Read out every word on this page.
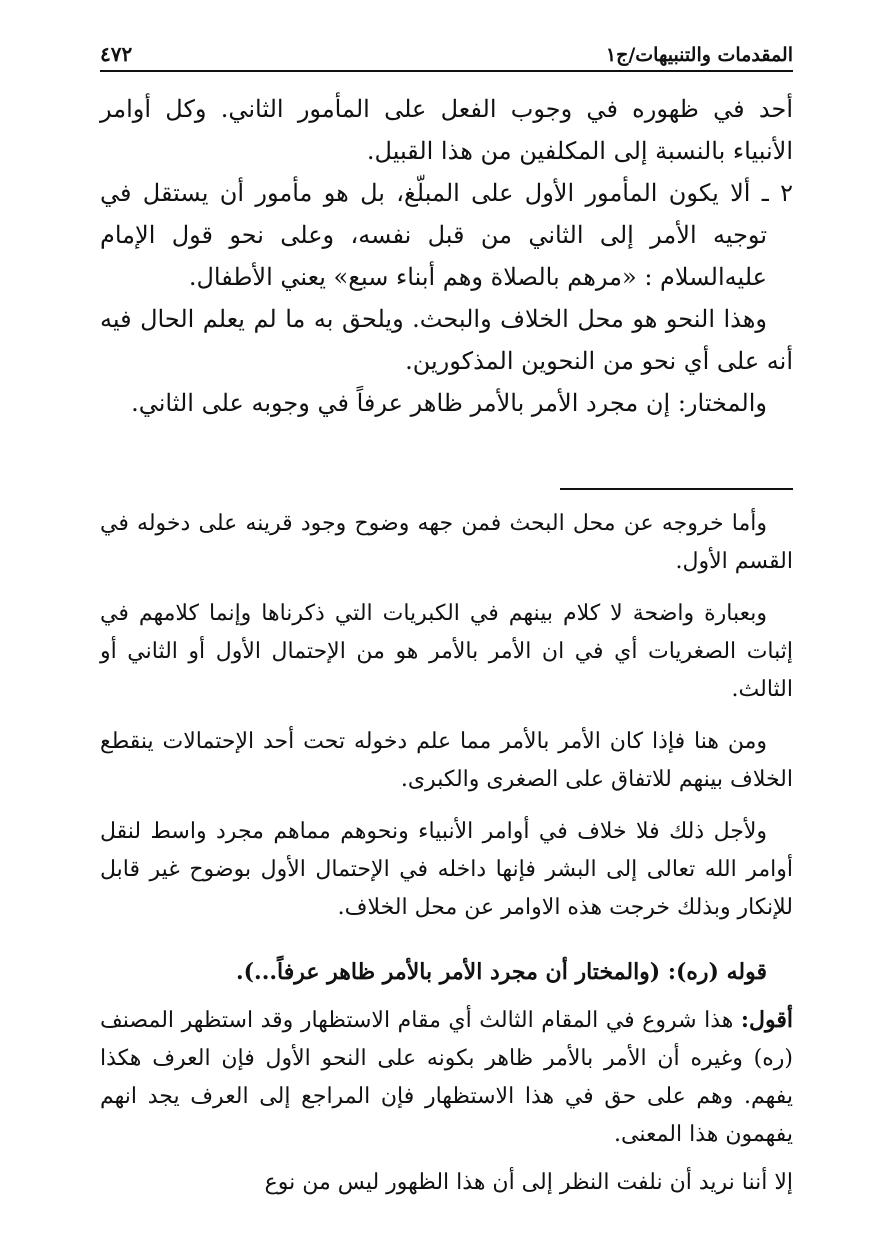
٤٧٢	المقدمات والتنبيهات/ج١

أحد في ظهوره في وجوب الفعل على المأمور الثاني. وكل أوامر الأنبياء بالنسبة إلى المكلفين من هذا القبيل.

٢ ـ ألا يكون المأمور الأول على المبلّغ، بل هو مأمور أن يستقل في توجيه الأمر إلى الثاني من قبل نفسه، وعلى نحو قول الإمام عليه‌السلام : «مرهم بالصلاة وهم أبناء سبع» يعني الأطفال.

وهذا النحو هو محل الخلاف والبحث. ويلحق به ما لم يعلم الحال فيه أنه على أي نحو من النحوين المذكورين.

والمختار: إن مجرد الأمر بالأمر ظاهر عرفاً في وجوبه على الثاني.

وأما خروجه عن محل البحث فمن جهه وضوح وجود قرينه على دخوله في القسم الأول.

وبعبارة واضحة لا كلام بينهم في الكبريات التي ذكرناها وإنما كلامهم في إثبات الصغريات أي في ان الأمر بالأمر هو من الإحتمال الأول أو الثاني أو الثالث.

ومن هنا فإذا كان الأمر بالأمر مما علم دخوله تحت أحد الإحتمالات ينقطع الخلاف بينهم للاتفاق على الصغرى والكبرى.

ولأجل ذلك فلا خلاف في أوامر الأنبياء ونحوهم مماهم مجرد واسط لنقل أوامر الله تعالى إلى البشر فإنها داخله في الإحتمال الأول بوضوح غير قابل للإنكار وبذلك خرجت هذه الاوامر عن محل الخلاف.

قوله (ره): (والمختار أن مجرد الأمر بالأمر ظاهر عرفاً...).

أقول: هذا شروع في المقام الثالث أي مقام الاستظهار وقد استظهر المصنف (ره) وغيره أن الأمر بالأمر ظاهر بكونه على النحو الأول فإن العرف هكذا يفهم. وهم على حق في هذا الاستظهار فإن المراجع إلى العرف يجد انهم يفهمون هذا المعنى.

إلا أننا نريد أن نلفت النظر إلى أن هذا الظهور ليس من نوع
